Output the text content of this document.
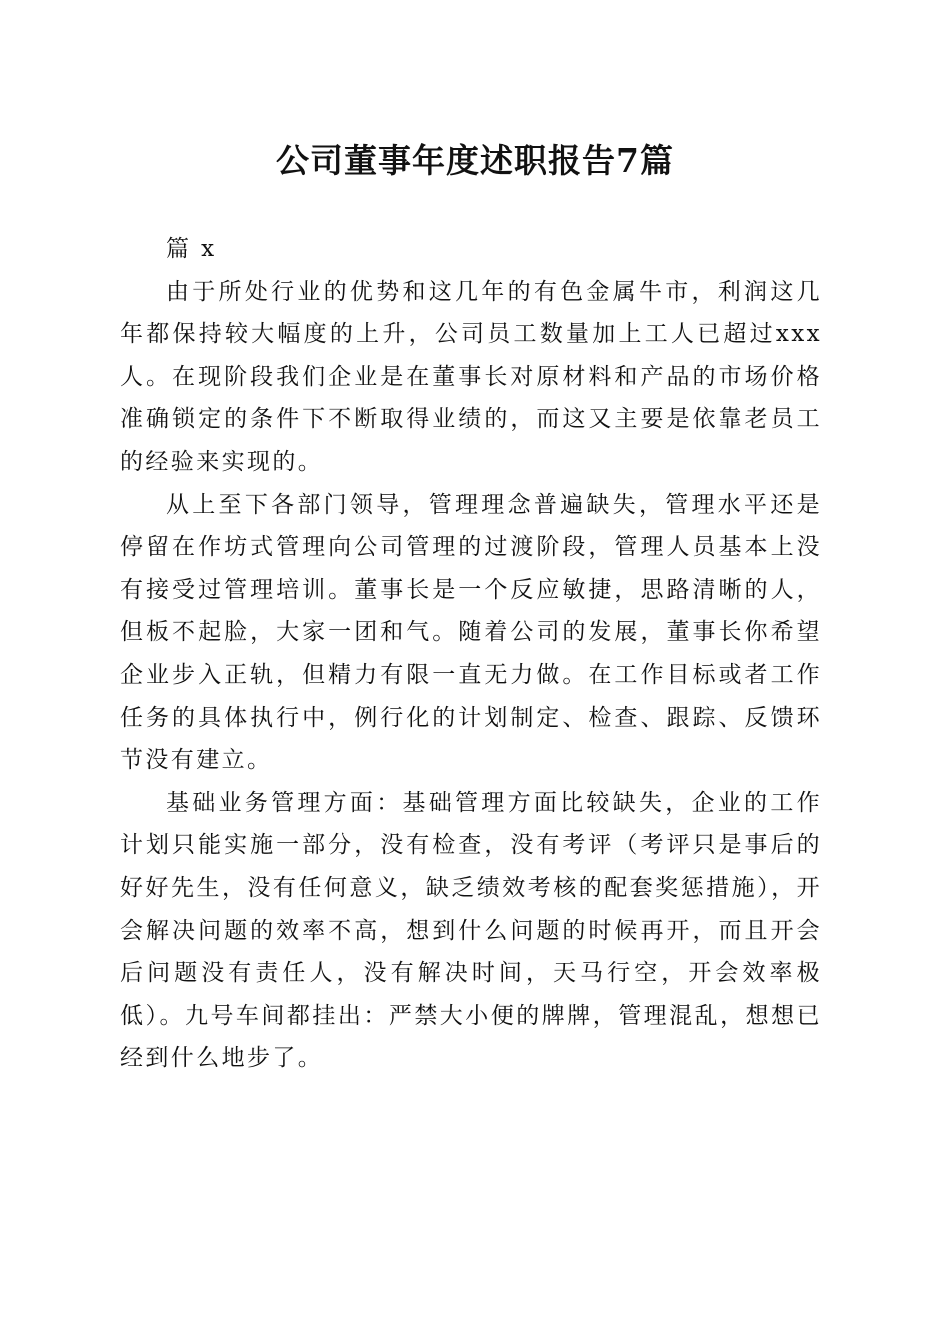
公司董事年度述职报告7篇

篇 x

由于所处行业的优势和这几年的有色金属牛市，利润这几年都保持较大幅度的上升，公司员工数量加上工人已超过xxx人。在现阶段我们企业是在董事长对原材料和产品的市场价格准确锁定的条件下不断取得业绩的，而这又主要是依靠老员工的经验来实现的。

从上至下各部门领导，管理理念普遍缺失，管理水平还是停留在作坊式管理向公司管理的过渡阶段，管理人员基本上没有接受过管理培训。董事长是一个反应敏捷，思路清晰的人，但板不起脸，大家一团和气。随着公司的发展，董事长你希望企业步入正轨，但精力有限一直无力做。在工作目标或者工作任务的具体执行中，例行化的计划制定、检查、跟踪、反馈环节没有建立。

基础业务管理方面：基础管理方面比较缺失，企业的工作计划只能实施一部分，没有检查，没有考评（考评只是事后的好好先生，没有任何意义，缺乏绩效考核的配套奖惩措施），开会解决问题的效率不高，想到什么问题的时候再开，而且开会后问题没有责任人，没有解决时间，天马行空，开会效率极低）。九号车间都挂出：严禁大小便的牌牌，管理混乱，想想已经到什么地步了。
